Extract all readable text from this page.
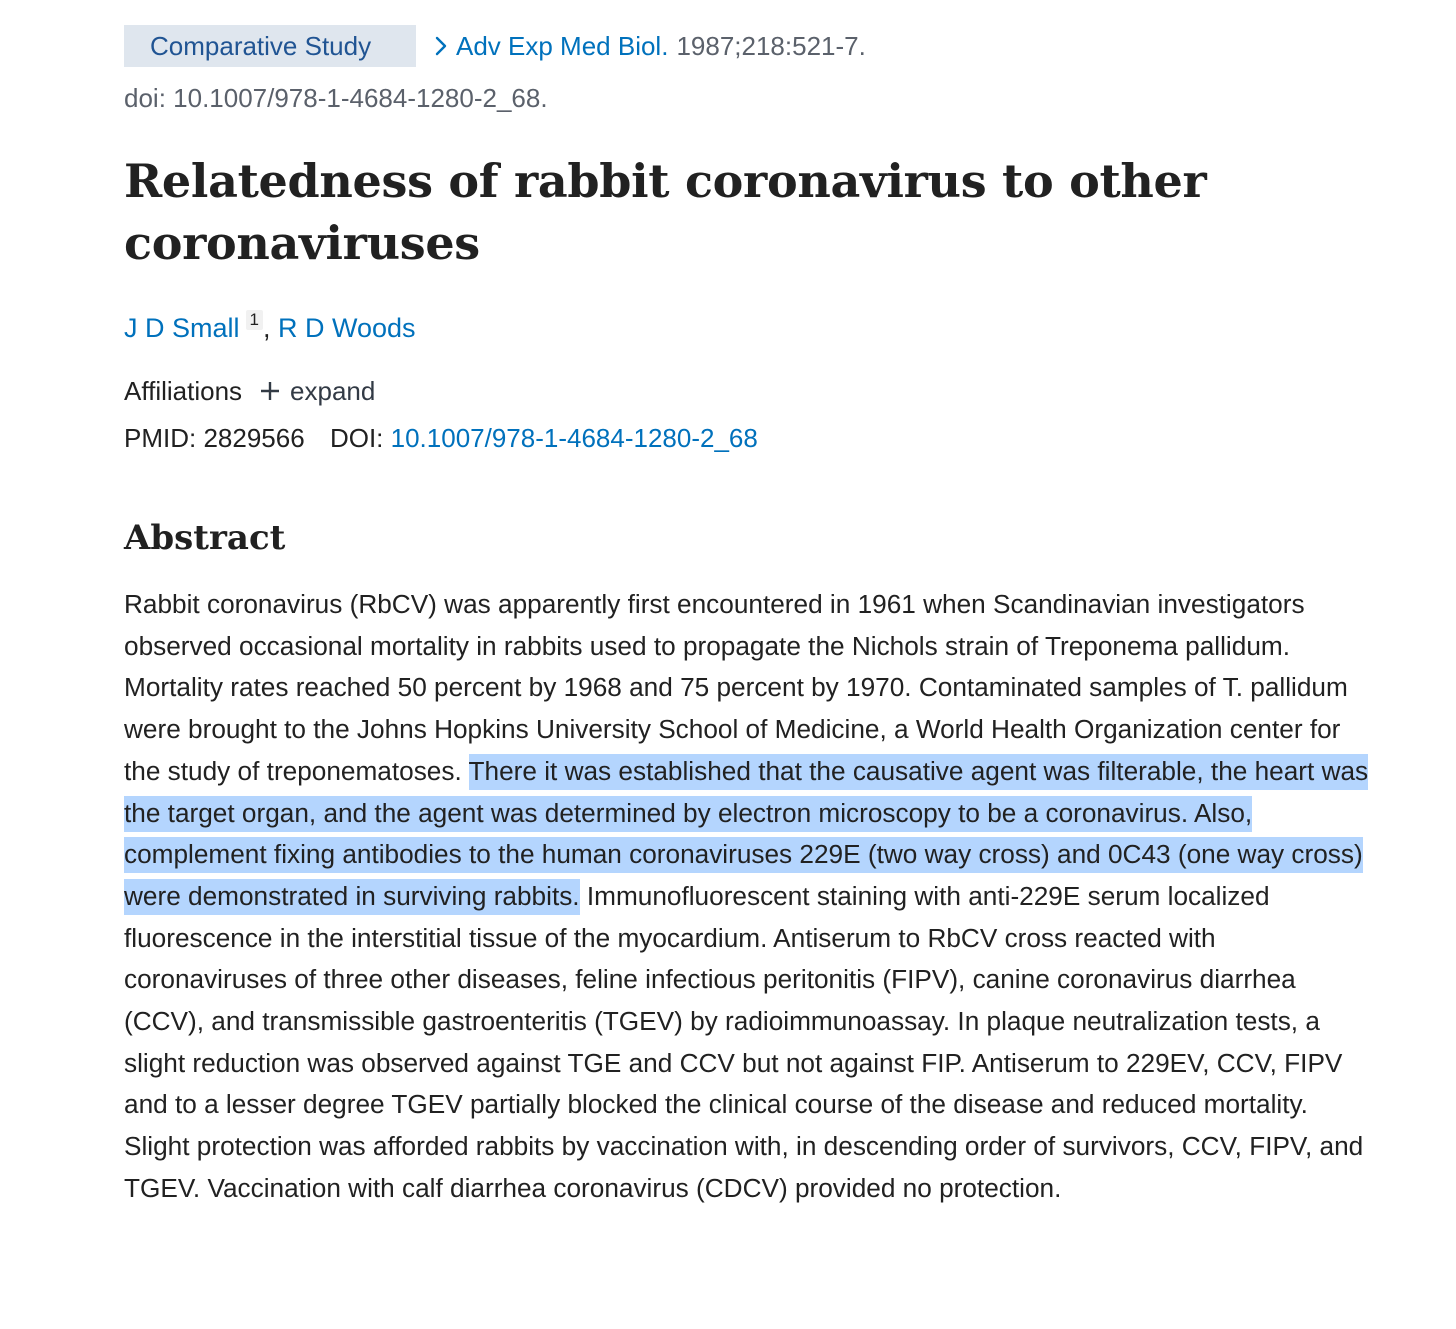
Comparative Study	Adv Exp Med Biol. 1987;218:521-7.
doi: 10.1007/978-1-4684-1280-2_68.
Relatedness of rabbit coronavirus to other coronaviruses
J D Small 1 , R D Woods
Affiliations expand
PMID: 2829566 DOI: 10.1007/978-1-4684-1280-2_68
Abstract

Rabbit coronavirus (RbCV) was apparently first encountered in 1961 when Scandinavian investigators observed occasional mortality in rabbits used to propagate the Nichols strain of Treponema pallidum. Mortality rates reached 50 percent by 1968 and 75 percent by 1970. Contaminated samples of T. pallidum were brought to the Johns Hopkins University School of Medicine, a World Health Organization center for the study of treponematoses. There it was established that the causative agent was filterable, the heart was the target organ, and the agent was determined by electron microscopy to be a coronavirus. Also, complement fixing antibodies to the human coronaviruses 229E (two way cross) and 0C43 (one way cross) were demonstrated in surviving rabbits. Immunofluorescent staining with anti-229E serum localized fluorescence in the interstitial tissue of the myocardium. Antiserum to RbCV cross reacted with coronaviruses of three other diseases, feline infectious peritonitis (FIPV), canine coronavirus diarrhea (CCV), and transmissible gastroenteritis (TGEV) by radioimmunoassay. In plaque neutralization tests, a slight reduction was observed against TGE and CCV but not against FIP. Antiserum to 229EV, CCV, FIPV and to a lesser degree TGEV partially blocked the clinical course of the disease and reduced mortality. Slight protection was afforded rabbits by vaccination with, in descending order of survivors, CCV, FIPV, and TGEV. Vaccination with calf diarrhea coronavirus (CDCV) provided no protection.
